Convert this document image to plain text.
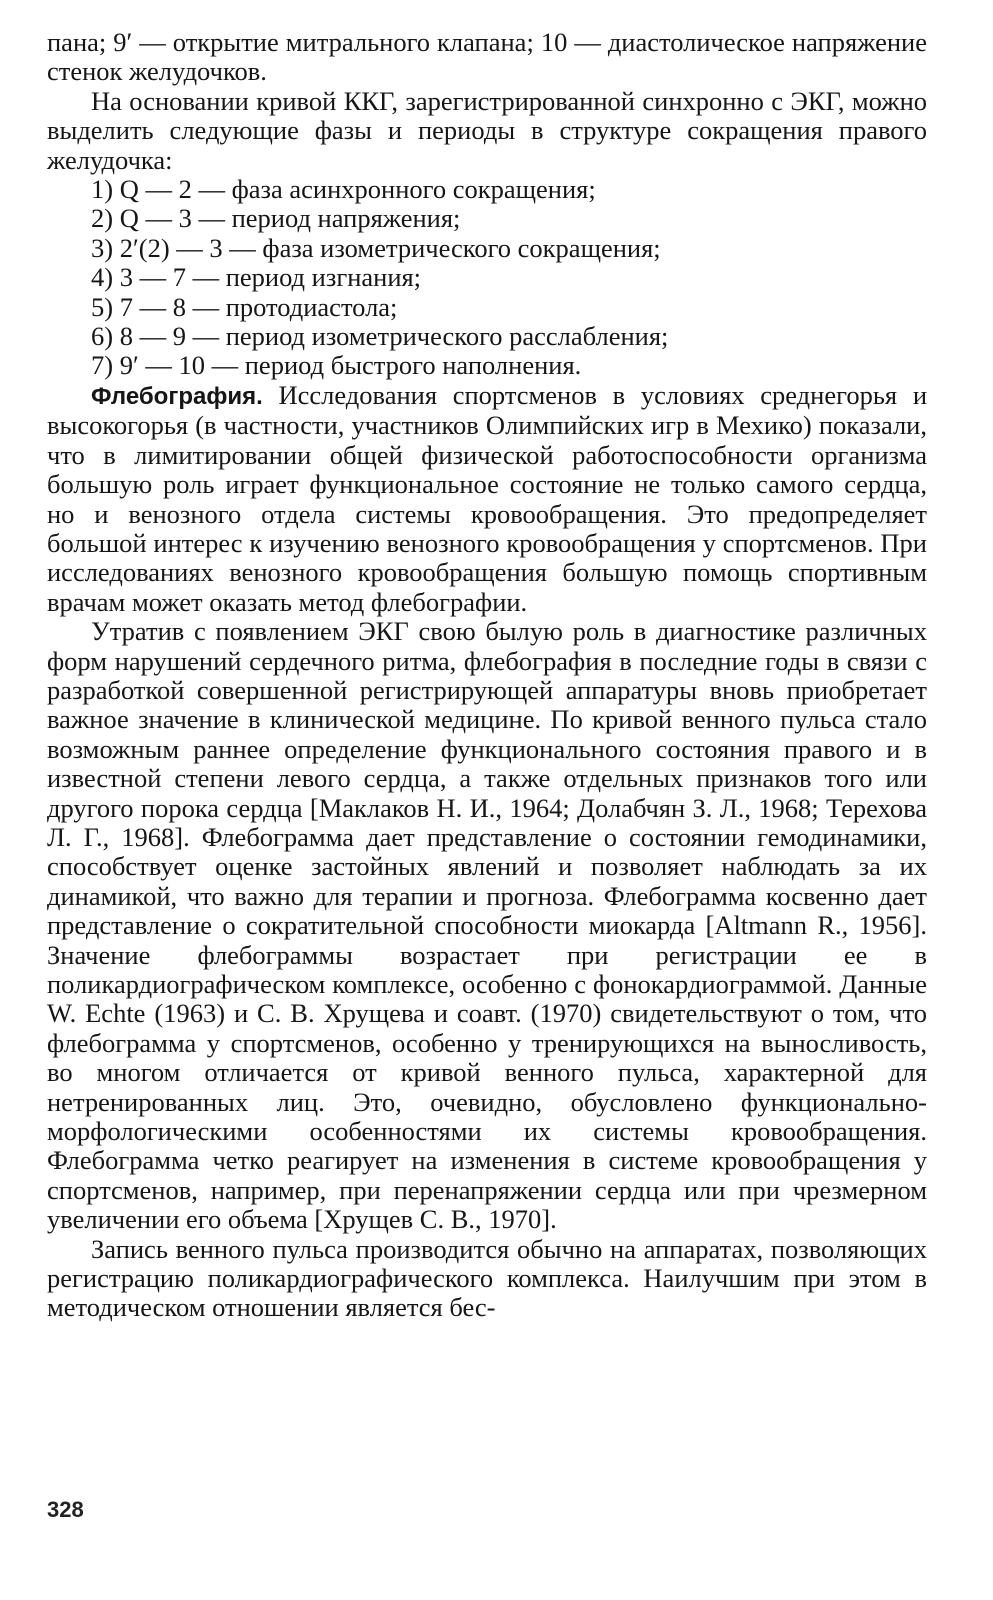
пана; 9′ — открытие митрального клапана; 10 — диастолическое напряжение стенок желудочков.

На основании кривой ККГ, зарегистрированной синхронно с ЭКГ, можно выделить следующие фазы и периоды в структуре сокращения правого желудочка:

1) Q — 2 — фаза асинхронного сокращения;
2) Q — 3 — период напряжения;
3) 2′(2) — 3 — фаза изометрического сокращения;
4) 3 — 7 — период изгнания;
5) 7 — 8 — протодиастола;
6) 8 — 9 — период изометрического расслабления;
7) 9′ — 10 — период быстрого наполнения.

Флебография. Исследования спортсменов в условиях среднегорья и высокогорья (в частности, участников Олимпийских игр в Мехико) показали, что в лимитировании общей физической работоспособности организма большую роль играет функциональное состояние не только самого сердца, но и венозного отдела системы кровообращения. Это предопределяет большой интерес к изучению венозного кровообращения у спортсменов. При исследованиях венозного кровообращения большую помощь спортивным врачам может оказать метод флебографии.

Утратив с появлением ЭКГ свою былую роль в диагностике различных форм нарушений сердечного ритма, флебография в последние годы в связи с разработкой совершенной регистрирующей аппаратуры вновь приобретает важное значение в клинической медицине. По кривой венного пульса стало возможным раннее определение функционального состояния правого и в известной степени левого сердца, а также отдельных признаков того или другого порока сердца [Маклаков Н. И., 1964; Долабчян З. Л., 1968; Терехова Л. Г., 1968]. Флебограмма дает представление о состоянии гемодинамики, способствует оценке застойных явлений и позволяет наблюдать за их динамикой, что важно для терапии и прогноза. Флебограмма косвенно дает представление о сократительной способности миокарда [Altmann R., 1956]. Значение флебограммы возрастает при регистрации ее в поликардиографическом комплексе, особенно с фонокардиограммой. Данные W. Echte (1963) и С. В. Хрущева и соавт. (1970) свидетельствуют о том, что флебограмма у спортсменов, особенно у тренирующихся на выносливость, во многом отличается от кривой венного пульса, характерной для нетренированных лиц. Это, очевидно, обусловлено функционально-морфологическими особенностями их системы кровообращения. Флебограмма четко реагирует на изменения в системе кровообращения у спортсменов, например, при перенапряжении сердца или при чрезмерном увеличении его объема [Хрущев С. В., 1970].

Запись венного пульса производится обычно на аппаратах, позволяющих регистрацию поликардиографического комплекса. Наилучшим при этом в методическом отношении является бес-

328
